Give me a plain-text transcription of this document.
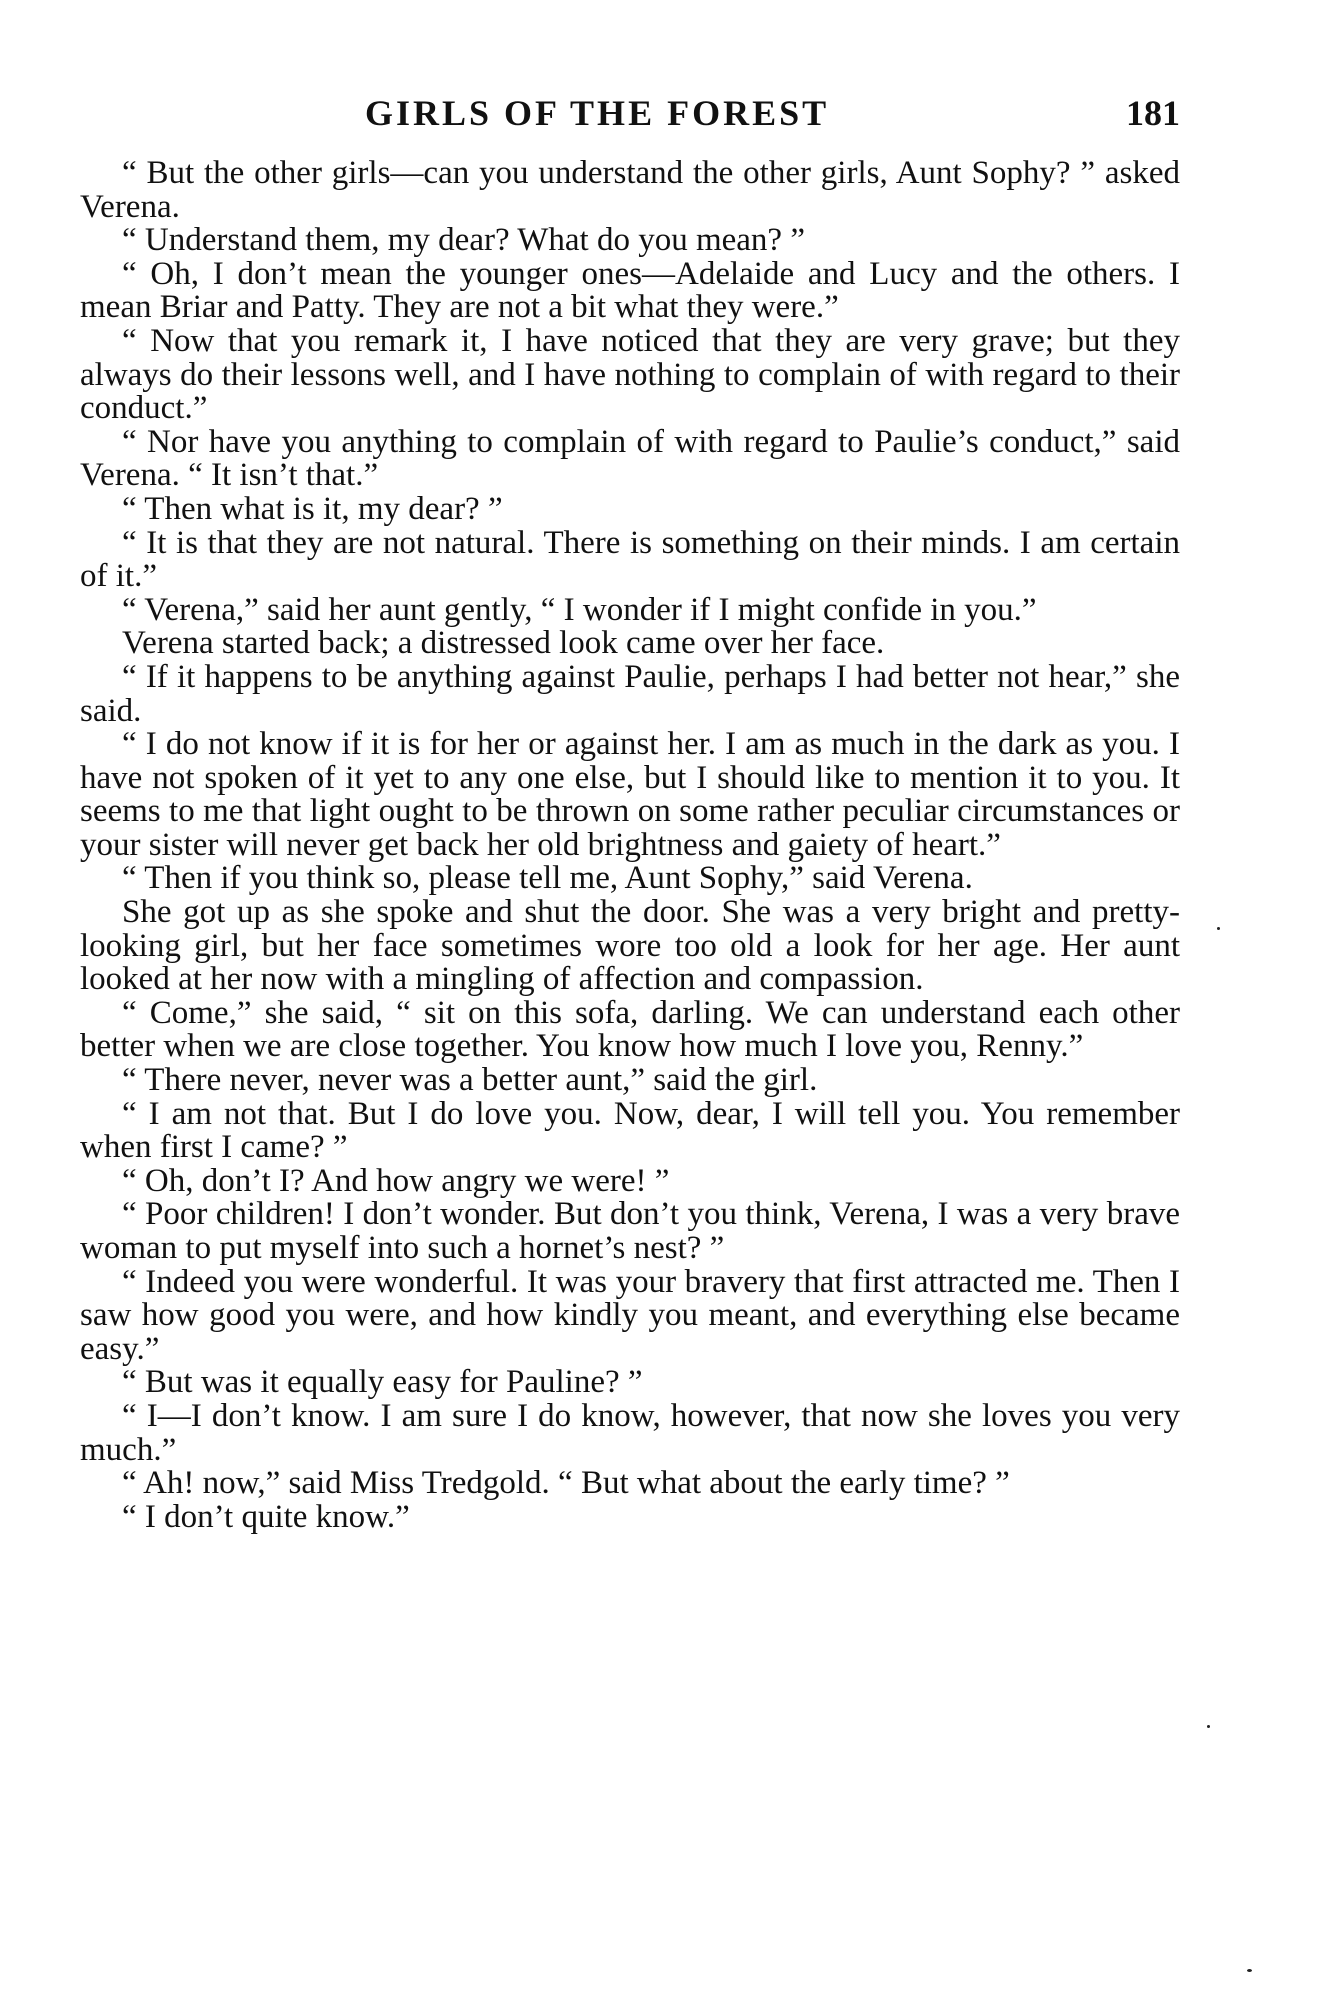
GIRLS OF THE FOREST	181

“ But the other girls—can you understand the other girls, Aunt Sophy? ” asked Verena.

“ Understand them, my dear? What do you mean? ”

“ Oh, I don’t mean the younger ones—Adelaide and Lucy and the others. I mean Briar and Patty. They are not a bit what they were.”

“ Now that you remark it, I have noticed that they are very grave; but they always do their lessons well, and I have nothing to complain of with regard to their conduct.”

“ Nor have you anything to complain of with regard to Paulie’s conduct,” said Verena. “ It isn’t that.”

“ Then what is it, my dear? ”

“ It is that they are not natural. There is something on their minds. I am certain of it.”

“ Verena,” said her aunt gently, “ I wonder if I might confide in you.”

Verena started back; a distressed look came over her face.

“ If it happens to be anything against Paulie, perhaps I had better not hear,” she said.

“ I do not know if it is for her or against her. I am as much in the dark as you. I have not spoken of it yet to any one else, but I should like to mention it to you. It seems to me that light ought to be thrown on some rather peculiar circumstances or your sister will never get back her old brightness and gaiety of heart.”

“ Then if you think so, please tell me, Aunt Sophy,” said Verena.

She got up as she spoke and shut the door. She was a very bright and pretty-looking girl, but her face sometimes wore too old a look for her age. Her aunt looked at her now with a mingling of affection and compassion.

“ Come,” she said, “ sit on this sofa, darling. We can understand each other better when we are close together. You know how much I love you, Renny.”

“ There never, never was a better aunt,” said the girl.

“ I am not that. But I do love you. Now, dear, I will tell you. You remember when first I came? ”

“ Oh, don’t I? And how angry we were! ”

“ Poor children! I don’t wonder. But don’t you think, Verena, I was a very brave woman to put myself into such a hornet’s nest? ”

“ Indeed you were wonderful. It was your bravery that first attracted me. Then I saw how good you were, and how kindly you meant, and everything else became easy.”

“ But was it equally easy for Pauline? ”

“ I—I don’t know. I am sure I do know, however, that now she loves you very much.”

“ Ah! now,” said Miss Tredgold. “ But what about the early time? ”

“ I don’t quite know.”
